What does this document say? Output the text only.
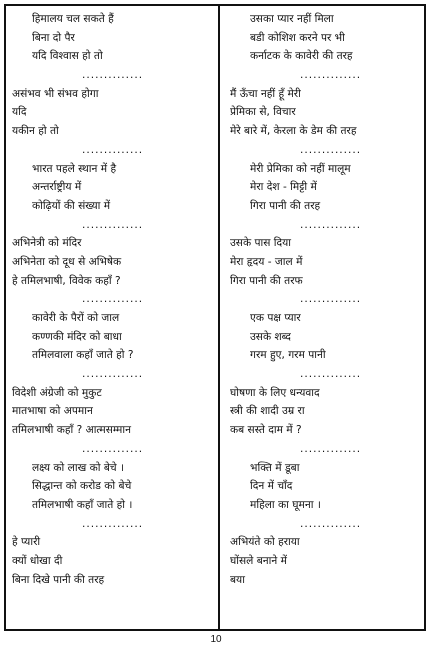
हिमालय चल सकते हैं
बिना दो पैर
यदि विश्वास हो तो
..............
असंभव भी संभव होगा
यदि
यकीन हो तो
..............
भारत पहले स्थान में है
अन्तर्राष्ट्रीय में
कोढ़ियों की संख्या में
..............
अभिनेत्री को मंदिर
अभिनेता को दूध से अभिषेक
हे तमिलभाषी, विवेक कहाँ ?
..............
कावेरी के पैरों को जाल
कण्णकी मंदिर को बाधा
तमिलवाला कहाँ जाते हो ?
..............
विदेशी अंग्रेजी को मुकुट
मातभाषा को अपमान
तमिलभाषी कहाँ ? आत्मसम्मान
..............
लक्ष्य को लाख को बेचे ।
सिद्धान्त को करोड को बेचे
तमिलभाषी कहाँ जाते हो ।
..............
हे प्यारी
क्यों धोखा दी
बिना दिखे पानी की तरह
उसका प्यार नहीं मिला
बडी कोशिश करने पर भी
कर्नाटक के कावेरी की तरह
..............
मैं ऊँचा नहीं हूँ मेरी
प्रेमिका से, विचार
मेरे बारे में, केरला के डेम की तरह
..............
मेरी प्रेमिका को नहीं मालूम
मेरा देश - मिट्टी में
गिरा पानी की तरह
..............
उसके पास दिया
मेरा हृदय - जाल में
गिरा पानी की तरफ
..............
एक पक्ष प्यार
उसके शब्द
गरम हुए, गरम पानी
..............
घोषणा के लिए धन्यवाद
स्त्री की शादी उम्र रा
कब सस्ते दाम में ?
..............
भक्ति में डूबा
दिन में चाँद
महिला का घूमना ।
..............
अभियंते को हराया
घोंसले बनाने में
बया
10
